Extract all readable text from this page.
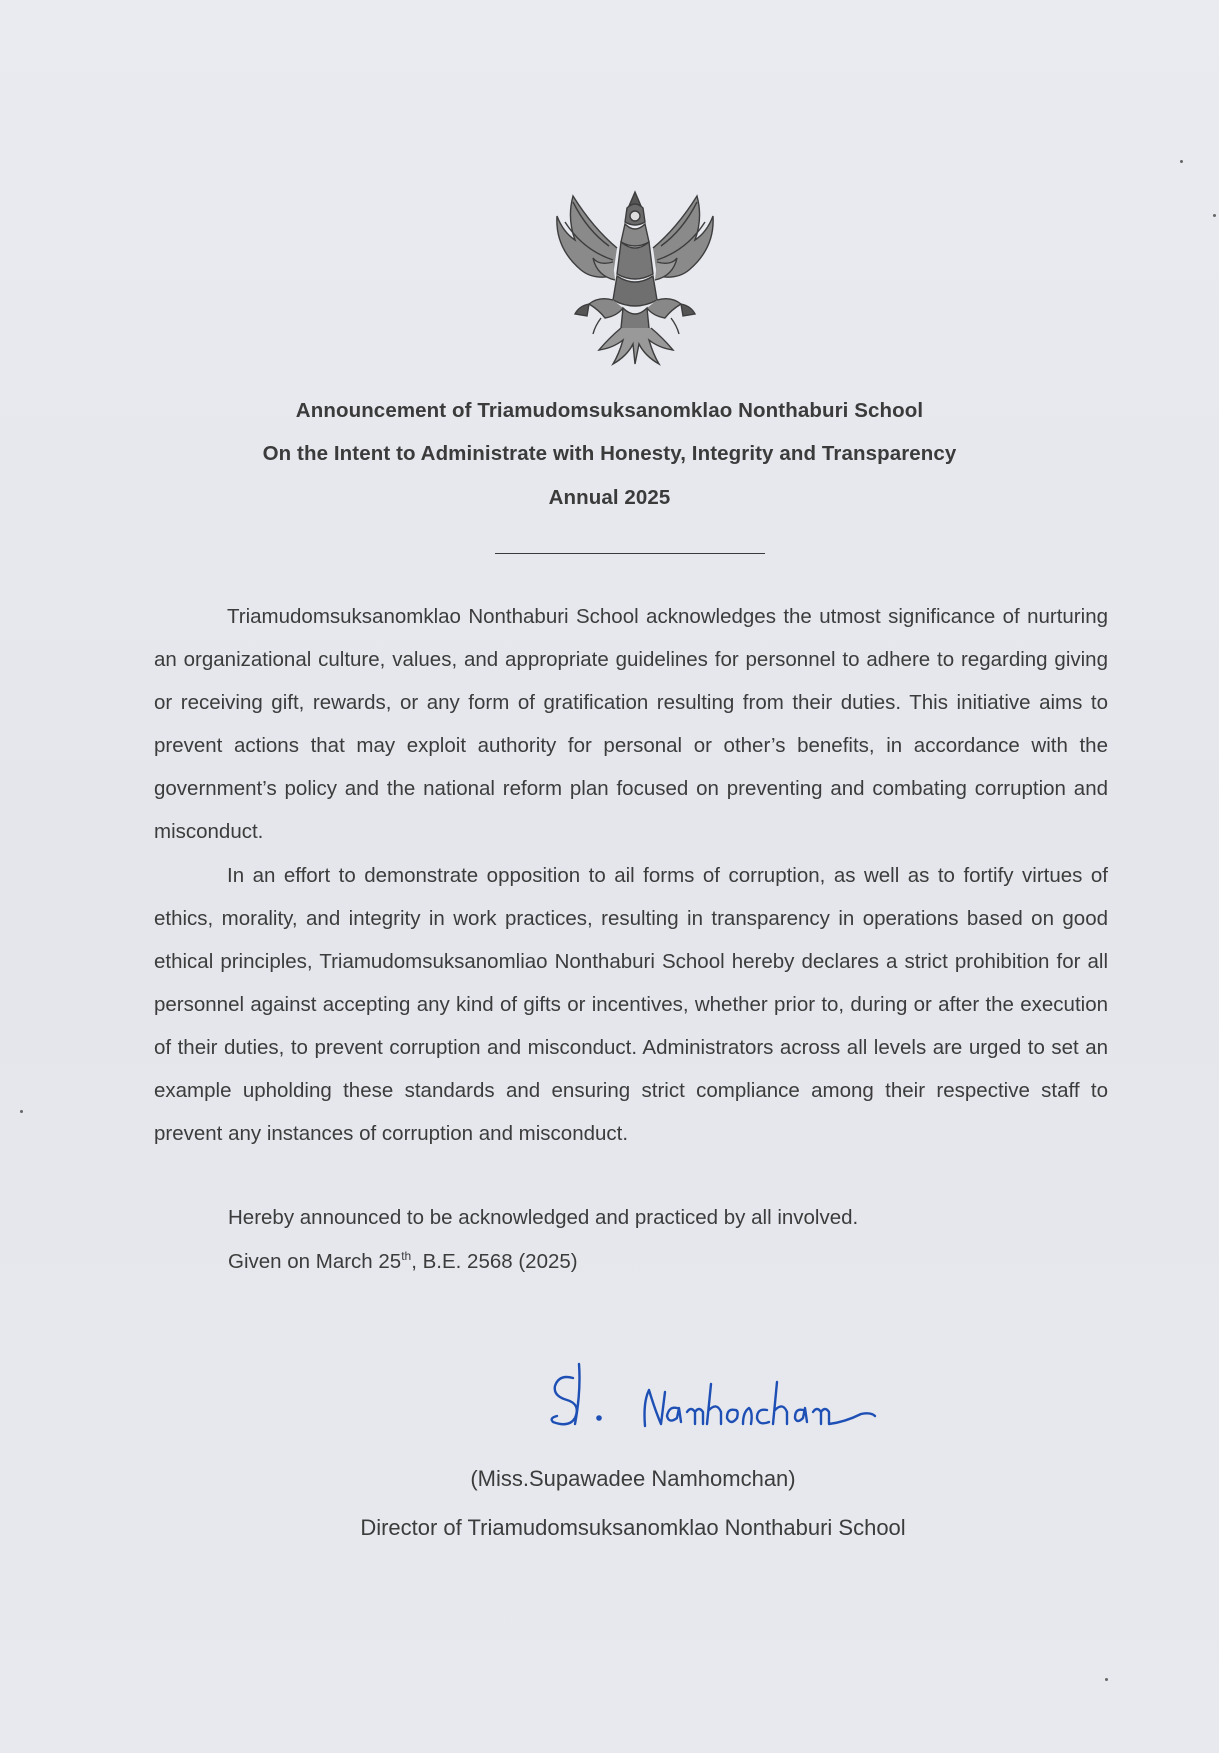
Announcement of Triamudomsuksanomklao Nonthaburi School
On the Intent to Administrate with Honesty, Integrity and Transparency
Annual 2025

Triamudomsuksanomklao Nonthaburi School acknowledges the utmost significance of nurturing an organizational culture, values, and appropriate guidelines for personnel to adhere to regarding giving or receiving gift, rewards, or any form of gratification resulting from their duties. This initiative aims to prevent actions that may exploit authority for personal or other’s benefits, in accordance with the government’s policy and the national reform plan focused on preventing and combating corruption and misconduct.

In an effort to demonstrate opposition to ail forms of corruption, as well as to fortify virtues of ethics, morality, and integrity in work practices, resulting in transparency in operations based on good ethical principles, Triamudomsuksanomliao Nonthaburi School hereby declares a strict prohibition for all personnel against accepting any kind of gifts or incentives, whether prior to, during or after the execution of their duties, to prevent corruption and misconduct. Administrators across all levels are urged to set an example upholding these standards and ensuring strict compliance among their respective staff to prevent any instances of corruption and misconduct.

Hereby announced to be acknowledged and practiced by all involved.
Given on March 25th, B.E. 2568 (2025)
(Miss.Supawadee Namhomchan)
Director of Triamudomsuksanomklao Nonthaburi School
